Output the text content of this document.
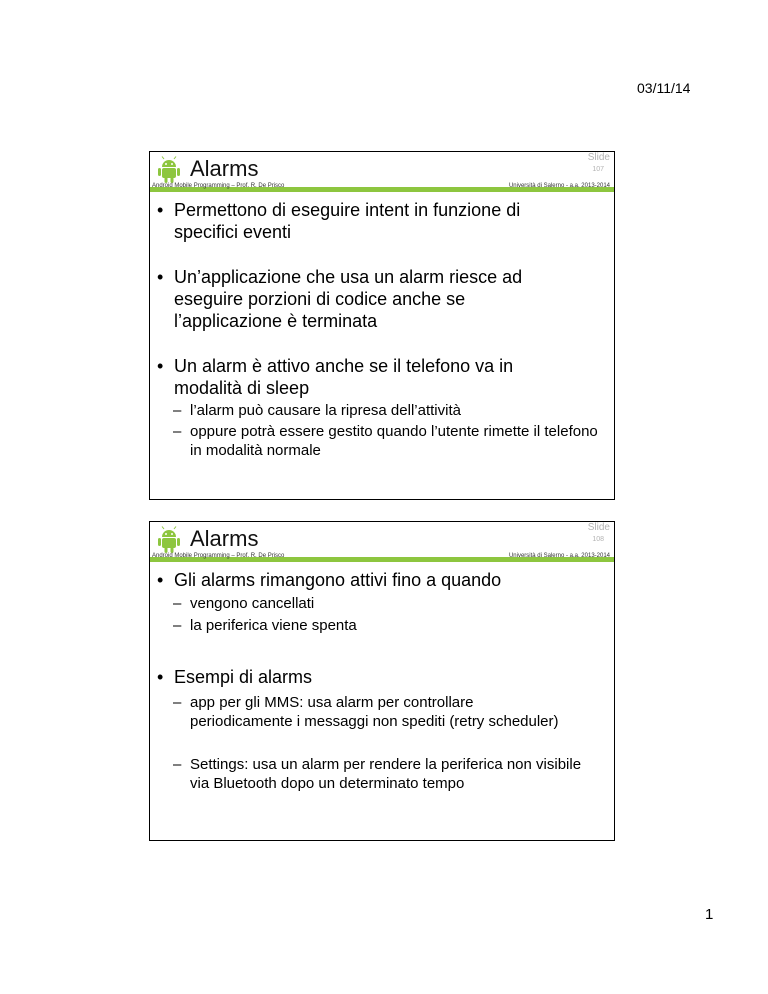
03/11/14
Alarms	Slide
107
Android Mobile Programming – Prof. R. De Prisco	Università di Salerno - a.a. 2013-2014
• Permettono di eseguire intent in funzione di specifici eventi
• Un’applicazione che usa un alarm riesce ad eseguire porzioni di codice anche se l’applicazione è terminata
• Un alarm è attivo anche se il telefono va in modalità di sleep
– l’alarm può causare la ripresa dell’attività
– oppure potrà essere gestito quando l’utente rimette il telefono in modalità normale
Alarms	Slide
108
Android Mobile Programming – Prof. R. De Prisco	Università di Salerno - a.a. 2013-2014
• Gli alarms rimangono attivi fino a quando
– vengono cancellati
– la periferica viene spenta
• Esempi di alarms
– app per gli MMS: usa alarm per controllare periodicamente i messaggi non spediti (retry scheduler)
– Settings: usa un alarm per rendere la periferica non visibile via Bluetooth dopo un determinato tempo
1
